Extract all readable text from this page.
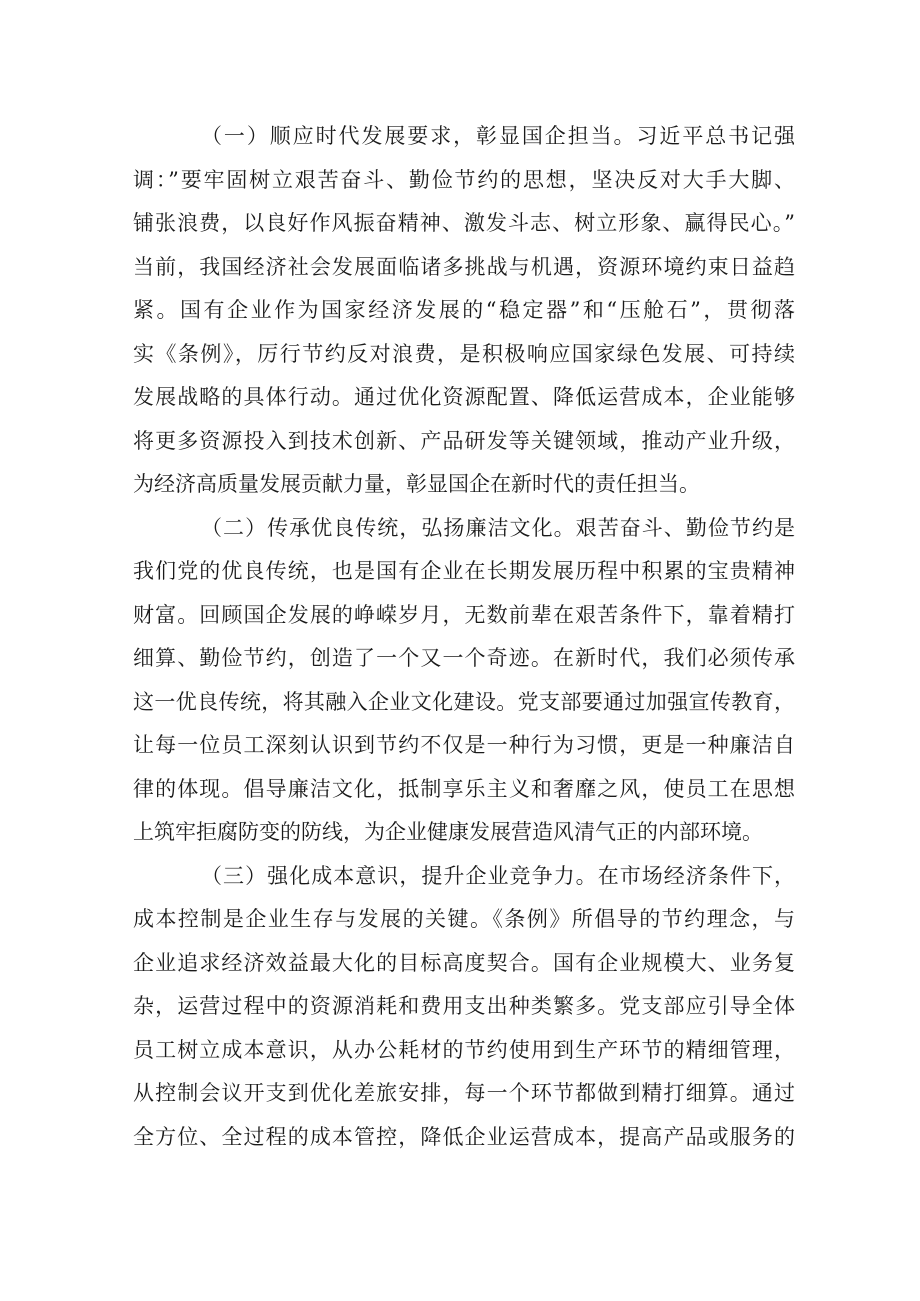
（一）顺应时代发展要求，彰显国企担当。习近平总书记强
调：”要牢固树立艰苦奋斗、勤俭节约的思想，坚决反对大手大脚、
铺张浪费，以良好作风振奋精神、激发斗志、树立形象、赢得民心。”
当前，我国经济社会发展面临诸多挑战与机遇，资源环境约束日益趋
紧。国有企业作为国家经济发展的“稳定器”和“压舱石”，贯彻落
实《条例》，厉行节约反对浪费，是积极响应国家绿色发展、可持续
发展战略的具体行动。通过优化资源配置、降低运营成本，企业能够
将更多资源投入到技术创新、产品研发等关键领域，推动产业升级，
为经济高质量发展贡献力量，彰显国企在新时代的责任担当。
（二）传承优良传统，弘扬廉洁文化。艰苦奋斗、勤俭节约是
我们党的优良传统，也是国有企业在长期发展历程中积累的宝贵精神
财富。回顾国企发展的峥嵘岁月，无数前辈在艰苦条件下，靠着精打
细算、勤俭节约，创造了一个又一个奇迹。在新时代，我们必须传承
这一优良传统，将其融入企业文化建设。党支部要通过加强宣传教育，
让每一位员工深刻认识到节约不仅是一种行为习惯，更是一种廉洁自
律的体现。倡导廉洁文化，抵制享乐主义和奢靡之风，使员工在思想
上筑牢拒腐防变的防线，为企业健康发展营造风清气正的内部环境。
（三）强化成本意识，提升企业竞争力。在市场经济条件下，
成本控制是企业生存与发展的关键。《条例》所倡导的节约理念，与
企业追求经济效益最大化的目标高度契合。国有企业规模大、业务复
杂，运营过程中的资源消耗和费用支出种类繁多。党支部应引导全体
员工树立成本意识，从办公耗材的节约使用到生产环节的精细管理，
从控制会议开支到优化差旅安排，每一个环节都做到精打细算。通过
全方位、全过程的成本管控，降低企业运营成本，提高产品或服务的
